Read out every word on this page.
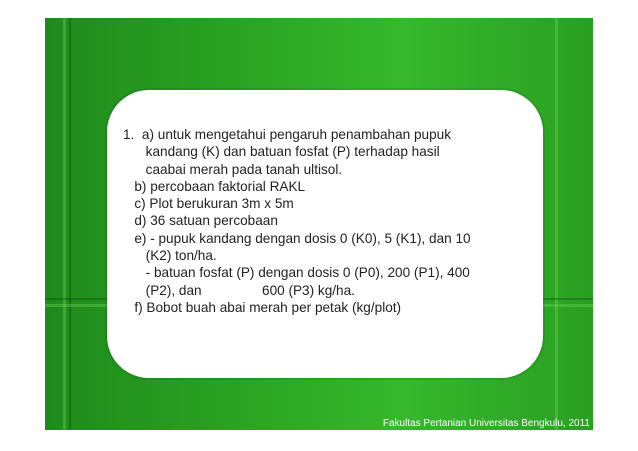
1.  a) untuk mengetahui pengaruh penambahan pupuk
kandang (K) dan batuan fosfat (P) terhadap hasil
caabai merah pada tanah ultisol.
b) percobaan faktorial RAKL
c) Plot berukuran 3m x 5m
d) 36 satuan percobaan
e) - pupuk kandang dengan dosis 0 (K0), 5 (K1), dan 10
(K2) ton/ha.
- batuan fosfat (P) dengan dosis 0 (P0), 200 (P1), 400
(P2), dan                600 (P3) kg/ha.
f) Bobot buah abai merah per petak (kg/plot)
Fakultas Pertanian Universitas Bengkulu, 2011
